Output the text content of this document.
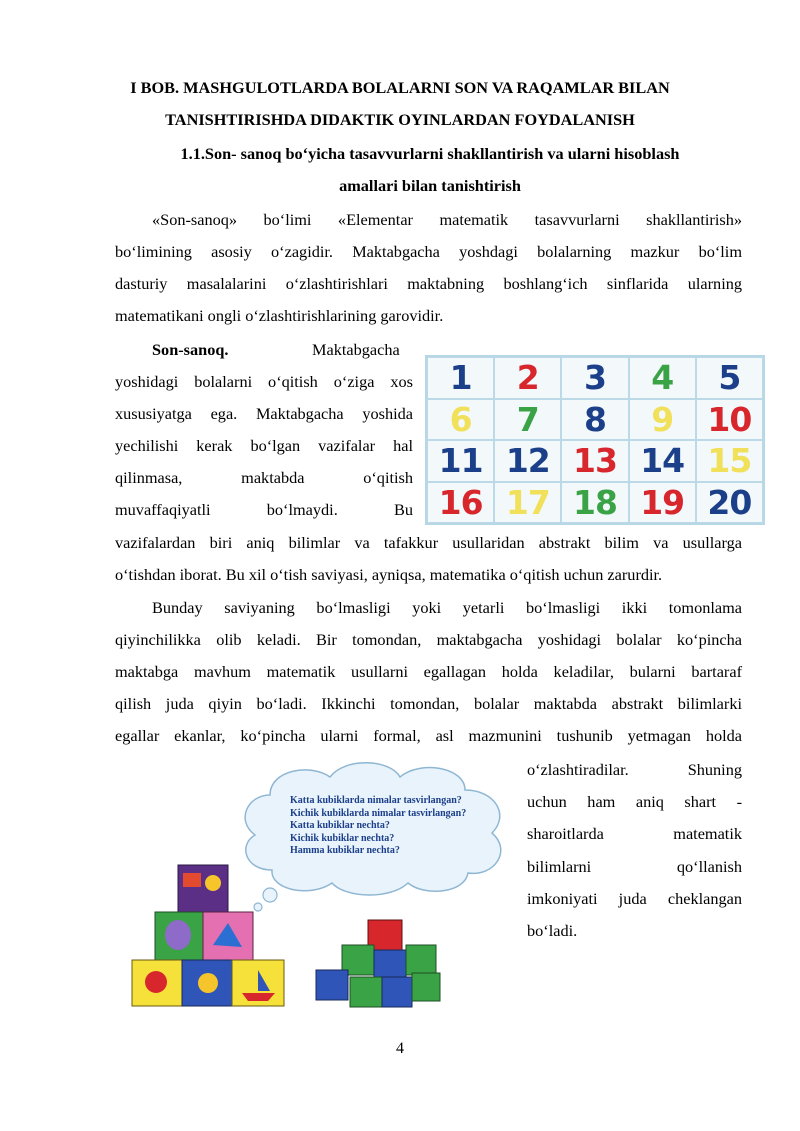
I BOB. MASHGULOTLARDA BOLALARNI SON VA RAQAMLAR BILAN
TANISHTIRISHDA DIDAKTIK OYINLARDAN FOYDALANISH
1.1.Son- sanoq bo‘yicha tasavvurlarni shakllantirish va ularni hisoblash
amallari bilan tanishtirish
«Son-sanoq» bo‘limi «Elementar matematik tasavvurlarni shakllantirish»
bo‘limining asosiy o‘zagidir. Maktabgacha yoshdagi bolalarning mazkur bo‘lim
dasturiy masalalarini o‘zlashtirishlari maktabning boshlang‘ich sinflarida ularning
matematikani ongli o‘zlashtirishlarining garovidir.
Son-sanoq.	Maktabgacha
yoshidagi bolalarni o‘qitish o‘ziga xos
xususiyatga ega. Maktabgacha yoshida
yechilishi kerak bo‘lgan vazifalar hal
qilinmasa, maktabda o‘qitish
muvaffaqiyatli bo‘lmaydi. Bu
vazifalardan biri aniq bilimlar va tafakkur usullaridan abstrakt bilim va usullarga
o‘tishdan iborat. Bu xil o‘tish saviyasi, ayniqsa, matematika o‘qitish uchun zarurdir.
1	2	3	4	5
6	7	8	9	10
11 12 13 14 15
16 17 18 19 20
Bunday saviyaning bo‘lmasligi yoki yetarli bo‘lmasligi ikki tomonlama
qiyinchilikka olib keladi. Bir tomondan, maktabgacha yoshidagi bolalar ko‘pincha
maktabga mavhum matematik usullarni egallagan holda keladilar, bularni bartaraf
qilish juda qiyin bo‘ladi. Ikkinchi tomondan, bolalar maktabda abstrakt bilimlarki
egallar ekanlar, ko‘pincha ularni formal, asl mazmunini tushunib yetmagan holda
o‘zlashtiradilar. Shuning
uchun ham aniq shart -
sharoitlarda matematik
bilimlarni qo‘llanish
imkoniyati juda cheklangan
bo‘ladi.
Katta kubiklarda nimalar tasvirlangan?
Kichik kubiklarda nimalar tasvirlangan?
Katta kubiklar nechta?
Kichik kubiklar nechta?
Hamma kubiklar nechta?
4
